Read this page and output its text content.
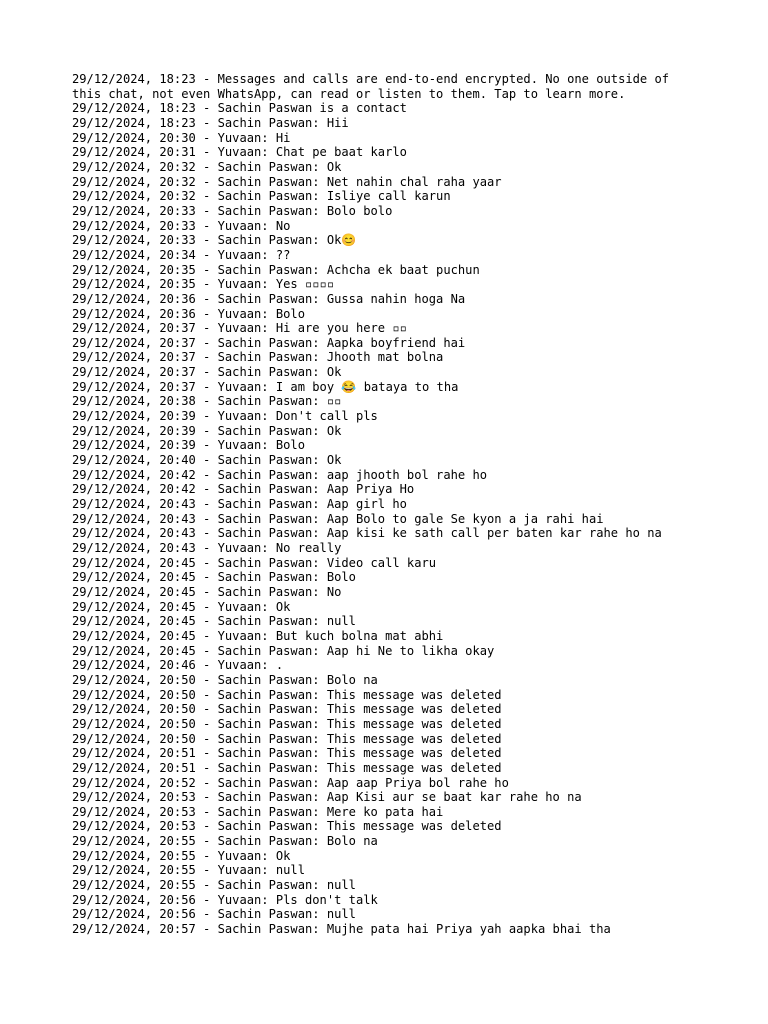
29/12/2024, 18:23 - Messages and calls are end-to-end encrypted. No one outside of
this chat, not even WhatsApp, can read or listen to them. Tap to learn more.
29/12/2024, 18:23 - Sachin Paswan is a contact
29/12/2024, 18:23 - Sachin Paswan: Hii
29/12/2024, 20:30 - Yuvaan: Hi
29/12/2024, 20:31 - Yuvaan: Chat pe baat karlo
29/12/2024, 20:32 - Sachin Paswan: Ok
29/12/2024, 20:32 - Sachin Paswan: Net nahin chal raha yaar
29/12/2024, 20:32 - Sachin Paswan: Isliye call karun
29/12/2024, 20:33 - Sachin Paswan: Bolo bolo
29/12/2024, 20:33 - Yuvaan: No
29/12/2024, 20:33 - Sachin Paswan: Ok😊
29/12/2024, 20:34 - Yuvaan: ??
29/12/2024, 20:35 - Sachin Paswan: Achcha ek baat puchun
29/12/2024, 20:35 - Yuvaan: Yes ▫▫▫▫
29/12/2024, 20:36 - Sachin Paswan: Gussa nahin hoga Na
29/12/2024, 20:36 - Yuvaan: Bolo
29/12/2024, 20:37 - Yuvaan: Hi are you here ▫▫
29/12/2024, 20:37 - Sachin Paswan: Aapka boyfriend hai
29/12/2024, 20:37 - Sachin Paswan: Jhooth mat bolna
29/12/2024, 20:37 - Sachin Paswan: Ok
29/12/2024, 20:37 - Yuvaan: I am boy 😂 bataya to tha
29/12/2024, 20:38 - Sachin Paswan: ▫▫
29/12/2024, 20:39 - Yuvaan: Don't call pls
29/12/2024, 20:39 - Sachin Paswan: Ok
29/12/2024, 20:39 - Yuvaan: Bolo
29/12/2024, 20:40 - Sachin Paswan: Ok
29/12/2024, 20:42 - Sachin Paswan: aap jhooth bol rahe ho
29/12/2024, 20:42 - Sachin Paswan: Aap Priya Ho
29/12/2024, 20:43 - Sachin Paswan: Aap girl ho
29/12/2024, 20:43 - Sachin Paswan: Aap Bolo to gale Se kyon a ja rahi hai
29/12/2024, 20:43 - Sachin Paswan: Aap kisi ke sath call per baten kar rahe ho na
29/12/2024, 20:43 - Yuvaan: No really
29/12/2024, 20:45 - Sachin Paswan: Video call karu
29/12/2024, 20:45 - Sachin Paswan: Bolo
29/12/2024, 20:45 - Sachin Paswan: No
29/12/2024, 20:45 - Yuvaan: Ok
29/12/2024, 20:45 - Sachin Paswan: null
29/12/2024, 20:45 - Yuvaan: But kuch bolna mat abhi
29/12/2024, 20:45 - Sachin Paswan: Aap hi Ne to likha okay
29/12/2024, 20:46 - Yuvaan: .
29/12/2024, 20:50 - Sachin Paswan: Bolo na
29/12/2024, 20:50 - Sachin Paswan: This message was deleted
29/12/2024, 20:50 - Sachin Paswan: This message was deleted
29/12/2024, 20:50 - Sachin Paswan: This message was deleted
29/12/2024, 20:50 - Sachin Paswan: This message was deleted
29/12/2024, 20:51 - Sachin Paswan: This message was deleted
29/12/2024, 20:51 - Sachin Paswan: This message was deleted
29/12/2024, 20:52 - Sachin Paswan: Aap aap Priya bol rahe ho
29/12/2024, 20:53 - Sachin Paswan: Aap Kisi aur se baat kar rahe ho na
29/12/2024, 20:53 - Sachin Paswan: Mere ko pata hai
29/12/2024, 20:53 - Sachin Paswan: This message was deleted
29/12/2024, 20:55 - Sachin Paswan: Bolo na
29/12/2024, 20:55 - Yuvaan: Ok
29/12/2024, 20:55 - Yuvaan: null
29/12/2024, 20:55 - Sachin Paswan: null
29/12/2024, 20:56 - Yuvaan: Pls don't talk
29/12/2024, 20:56 - Sachin Paswan: null
29/12/2024, 20:57 - Sachin Paswan: Mujhe pata hai Priya yah aapka bhai tha
